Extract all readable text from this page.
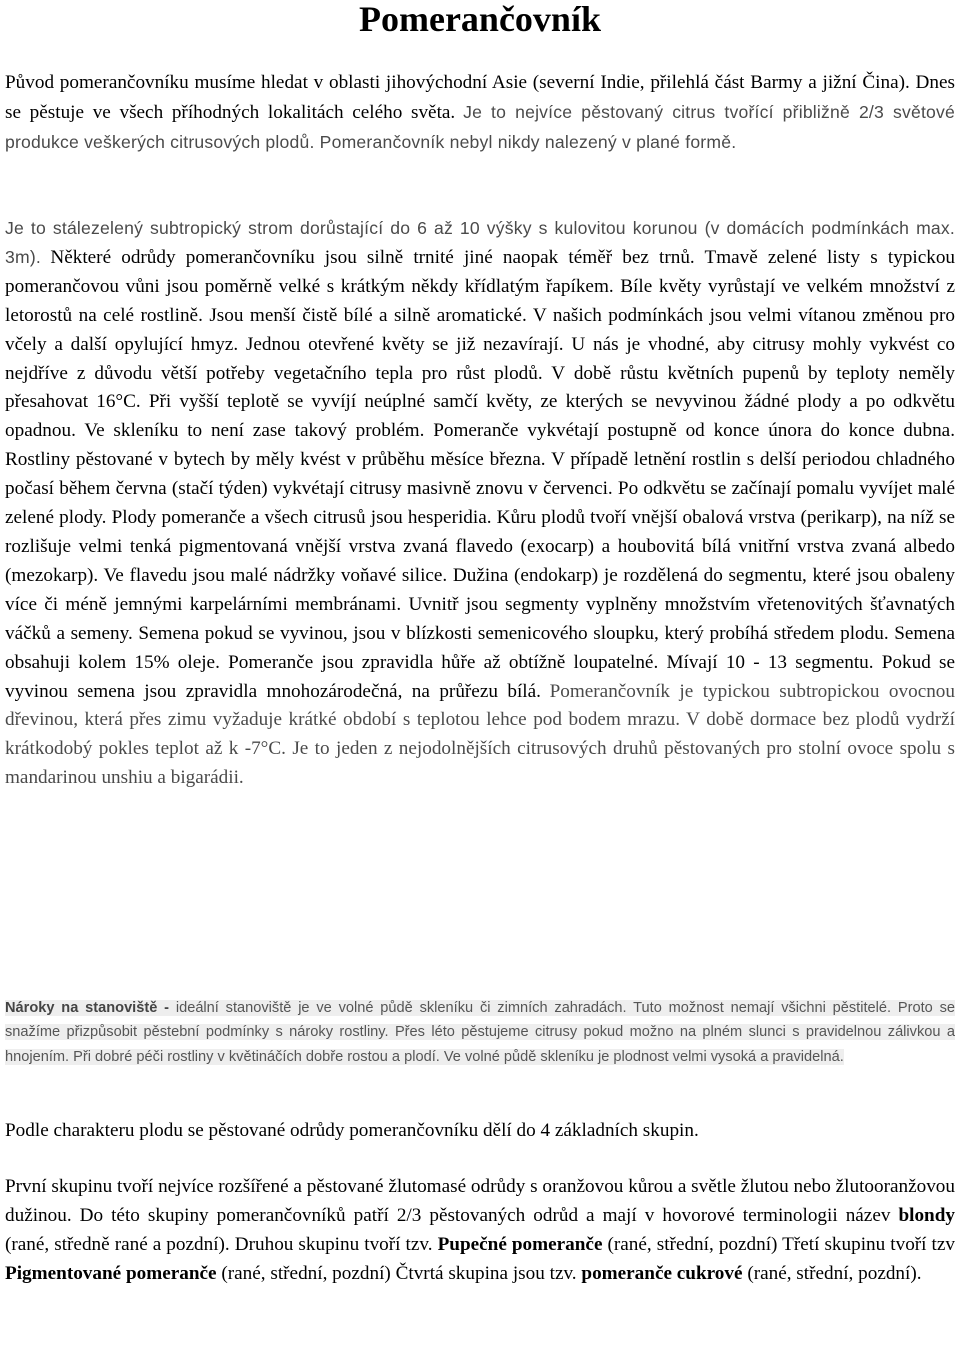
Pomerančovník
Původ pomerančovníku musíme hledat v oblasti jihovýchodní Asie (severní Indie, přilehlá část Barmy a jižní Čina). Dnes se pěstuje ve všech příhodných lokalitách celého světa. Je to nejvíce pěstovaný citrus tvořící přibližně 2/3 světové produkce veškerých citrusových plodů. Pomerančovník nebyl nikdy nalezený v plané formě.
Je to stálezelený subtropický strom dorůstající do 6 až 10 výšky s kulovitou korunou (v domácích podmínkách max. 3m). Některé odrůdy pomerančovníku jsou silně trnité jiné naopak téměř bez trnů. Tmavě zelené listy s typickou pomerančovou vůni jsou poměrně velké s krátkým někdy křídlatým řapíkem. Bíle květy vyrůstají ve velkém množství z letorostů na celé rostlině. Jsou menší čistě bílé a silně aromatické. V našich podmínkách jsou velmi vítanou změnou pro včely a další opylující hmyz. Jednou otevřené květy se již nezavírají. U nás je vhodné, aby citrusy mohly vykvést co nejdříve z důvodu větší potřeby vegetačního tepla pro růst plodů. V době růstu květních pupenů by teploty neměly přesahovat 16°C. Při vyšší teplotě se vyvíjí neúplné samčí květy, ze kterých se nevyvinou žádné plody a po odkvětu opadnou. Ve skleníku to není zase takový problém. Pomeranče vykvétají postupně od konce února do konce dubna. Rostliny pěstované v bytech by měly kvést v průběhu měsíce března. V případě letnění rostlin s delší periodou chladného počasí během června (stačí týden) vykvétají citrusy masivně znovu v červenci. Po odkvětu se začínají pomalu vyvíjet malé zelené plody. Plody pomeranče a všech citrusů jsou hesperidia. Kůru plodů tvoří vnější obalová vrstva (perikarp), na níž se rozlišuje velmi tenká pigmentovaná vnější vrstva zvaná flavedo (exocarp) a houbovitá bílá vnitřní vrstva zvaná albedo (mezokarp). Ve flavedu jsou malé nádržky voňavé silice. Dužina (endokarp) je rozdělená do segmentu, které jsou obaleny více či méně jemnými karpelárními membránami. Uvnitř jsou segmenty vyplněny množstvím vřetenovitých šťavnatých váčků a semeny. Semena pokud se vyvinou, jsou v blízkosti semenicového sloupku, který probíhá středem plodu. Semena obsahuji kolem 15% oleje. Pomeranče jsou zpravidla hůře až obtížně loupatelné. Mívají 10 - 13 segmentu. Pokud se vyvinou semena jsou zpravidla mnohozárodečná, na průřezu bílá. Pomerančovník je typickou subtropickou ovocnou dřevinou, která přes zimu vyžaduje krátké období s teplotou lehce pod bodem mrazu. V době dormace bez plodů vydrží krátkodobý pokles teplot až k -7°C. Je to jeden z nejodolnějších citrusových druhů pěstovaných pro stolní ovoce spolu s mandarinou unshiu a bigarádii.
Nároky na stanoviště - ideální stanoviště je ve volné půdě skleníku či zimních zahradách. Tuto možnost nemají všichni pěstitelé. Proto se snažíme přizpůsobit pěstební podmínky s nároky rostliny. Přes léto pěstujeme citrusy pokud možno na plném slunci s pravidelnou zálivkou a hnojením. Při dobré péči rostliny v květináčích dobře rostou a plodí. Ve volné půdě skleníku je plodnost velmi vysoká a pravidelná.
Podle charakteru plodu se pěstované odrůdy pomerančovníku dělí do 4 základních skupin.
První skupinu tvoří nejvíce rozšířené a pěstované žlutomasé odrůdy s oranžovou kůrou a světle žlutou nebo žlutooranžovou dužinou. Do této skupiny pomerančovníků patří 2/3 pěstovaných odrůd a mají v hovorové terminologii název blondy (rané, středně rané a pozdní). Druhou skupinu tvoří tzv. Pupečné pomeranče (rané, střední, pozdní) Třetí skupinu tvoří tzv Pigmentované pomeranče (rané, střední, pozdní) Čtvrtá skupina jsou tzv. pomeranče cukrové (rané, střední, pozdní).
